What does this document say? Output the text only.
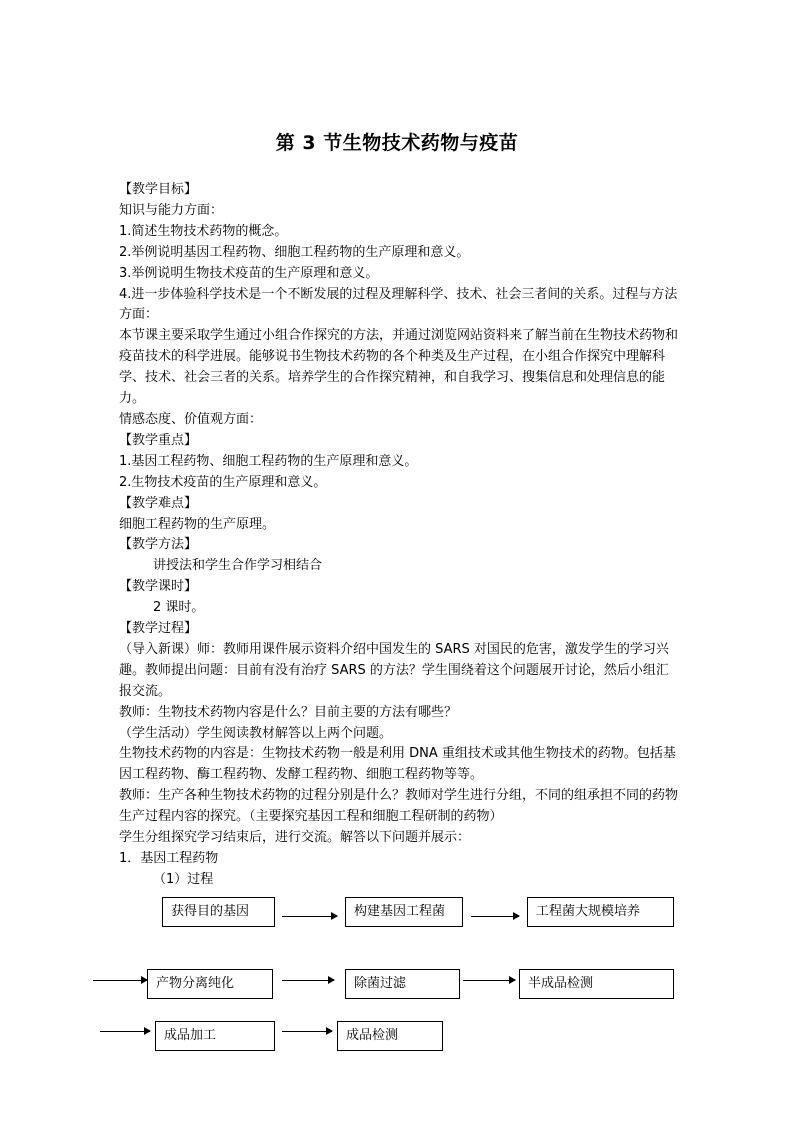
第 3 节生物技术药物与疫苗
【教学目标】
知识与能力方面：
1.简述生物技术药物的概念。
2.举例说明基因工程药物、细胞工程药物的生产原理和意义。
3.举例说明生物技术疫苗的生产原理和意义。
4.进一步体验科学技术是一个不断发展的过程及理解科学、技术、社会三者间的关系。过程与方法方面：
本节课主要采取学生通过小组合作探究的方法，并通过浏览网站资料来了解当前在生物技术药物和疫苗技术的科学进展。能够说书生物技术药物的各个种类及生产过程，在小组合作探究中理解科学、技术、社会三者的关系。培养学生的合作探究精神，和自我学习、搜集信息和处理信息的能力。
情感态度、价值观方面：
【教学重点】
1.基因工程药物、细胞工程药物的生产原理和意义。
2.生物技术疫苗的生产原理和意义。
【教学难点】
细胞工程药物的生产原理。
【教学方法】
讲授法和学生合作学习相结合
【教学课时】
2 课时。
【教学过程】
（导入新课）师：教师用课件展示资料介绍中国发生的 SARS 对国民的危害，激发学生的学习兴趣。教师提出问题：目前有没有治疗 SARS 的方法？学生围绕着这个问题展开讨论，然后小组汇报交流。
教师：生物技术药物内容是什么？目前主要的方法有哪些？
（学生活动）学生阅读教材解答以上两个问题。
生物技术药物的内容是：生物技术药物一般是利用 DNA 重组技术或其他生物技术的药物。包括基因工程药物、酶工程药物、发酵工程药物、细胞工程药物等等。
教师：生产各种生物技术药物的过程分别是什么？教师对学生进行分组，不同的组承担不同的药物生产过程内容的探究。（主要探究基因工程和细胞工程研制的药物）
学生分组探究学习结束后，进行交流。解答以下问题并展示：
1．基因工程药物
（1）过程
获得目的基因	构建基因工程菌	工程菌大规模培养
产物分离纯化	除菌过滤	半成品检测
成品加工	成品检测
